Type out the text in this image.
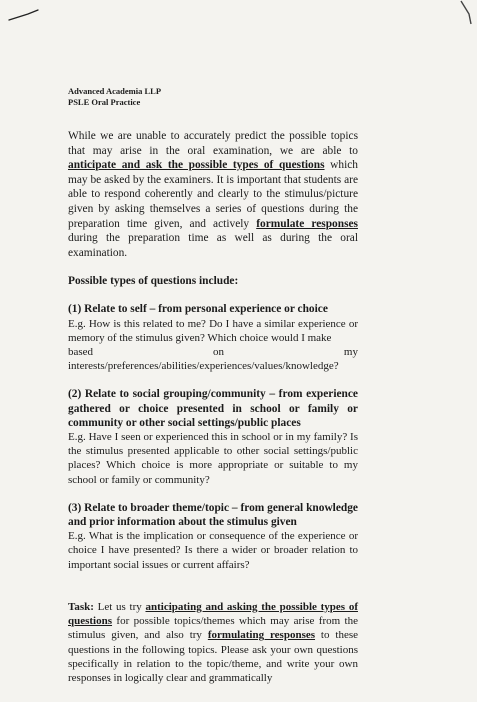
Advanced Academia LLP
PSLE Oral Practice

While we are unable to accurately predict the possible topics that may arise in the oral examination, we are able to anticipate and ask the possible types of questions which may be asked by the examiners. It is important that students are able to respond coherently and clearly to the stimulus/picture given by asking themselves a series of questions during the preparation time given, and actively formulate responses during the preparation time as well as during the oral examination.

Possible types of questions include:
(1) Relate to self – from personal experience or choice
E.g. How is this related to me? Do I have a similar experience or memory of the stimulus given? Which choice would I make
based	on	my
interests/preferences/abilities/experiences/values/knowledge?
(2) Relate to social grouping/community – from experience gathered or choice presented in school or family or community or other social settings/public places
E.g. Have I seen or experienced this in school or in my family? Is the stimulus presented applicable to other social settings/public places? Which choice is more appropriate or suitable to my school or family or community?
(3) Relate to broader theme/topic – from general knowledge and prior information about the stimulus given
E.g. What is the implication or consequence of the experience or choice I have presented? Is there a wider or broader relation to important social issues or current affairs?

Task: Let us try anticipating and asking the possible types of questions for possible topics/themes which may arise from the stimulus given, and also try formulating responses to these questions in the following topics. Please ask your own questions specifically in relation to the topic/theme, and write your own responses in logically clear and grammatically
